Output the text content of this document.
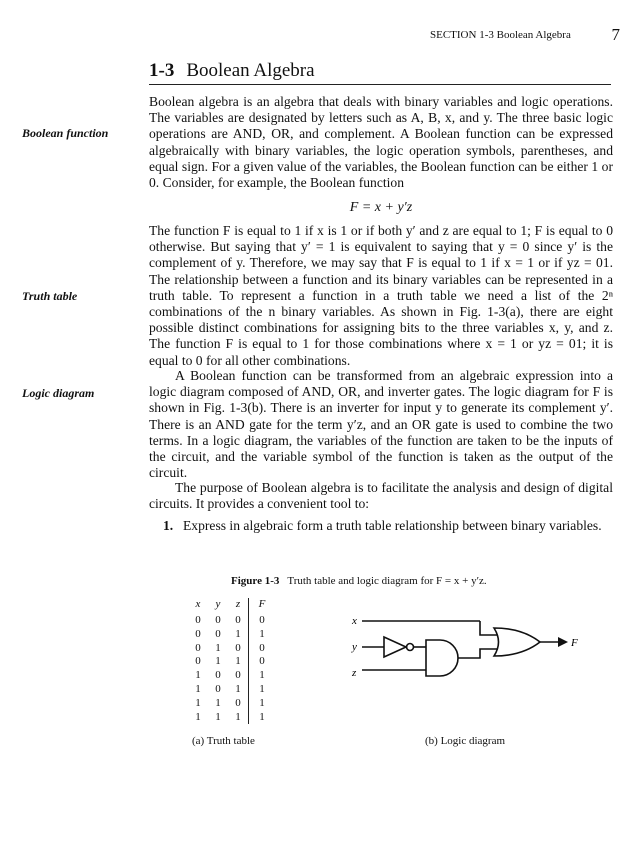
SECTION 1-3 Boolean Algebra 7
1-3 Boolean Algebra
Boolean function
Truth table
Logic diagram

Boolean algebra is an algebra that deals with binary variables and logic operations. The variables are designated by letters such as A, B, x, and y. The three basic logic operations are AND, OR, and complement. A Boolean function can be expressed algebraically with binary variables, the logic operation symbols, parentheses, and equal sign. For a given value of the variables, the Boolean function can be either 1 or 0. Consider, for example, the Boolean function

F = x + y′z

The function F is equal to 1 if x is 1 or if both y′ and z are equal to 1; F is equal to 0 otherwise. But saying that y′ = 1 is equivalent to saying that y = 0 since y′ is the complement of y. Therefore, we may say that F is equal to 1 if x = 1 or if yz = 01. The relationship between a function and its binary variables can be represented in a truth table. To represent a function in a truth table we need a list of the 2ⁿ combinations of the n binary variables. As shown in Fig. 1-3(a), there are eight possible distinct combinations for assigning bits to the three variables x, y, and z. The function F is equal to 1 for those combinations where x = 1 or yz = 01; it is equal to 0 for all other combinations.

A Boolean function can be transformed from an algebraic expression into a logic diagram composed of AND, OR, and inverter gates. The logic diagram for F is shown in Fig. 1-3(b). There is an inverter for input y to generate its complement y′. There is an AND gate for the term y′z, and an OR gate is used to combine the two terms. In a logic diagram, the variables of the function are taken to be the inputs of the circuit, and the variable symbol of the function is taken as the output of the circuit.

The purpose of Boolean algebra is to facilitate the analysis and design of digital circuits. It provides a convenient tool to:

1. Express in algebraic form a truth table relationship between binary variables.
Figure 1-3 Truth table and logic diagram for F = x + y′z.
x	y	z	F
0	0	0	0
0	0	1	1
0	1	0	0
0	1	1	0
1	0	0	1
1	0	1	1
1	1	0	1
1	1	1	1
x
y
z
F
(a) Truth table	(b) Logic diagram
